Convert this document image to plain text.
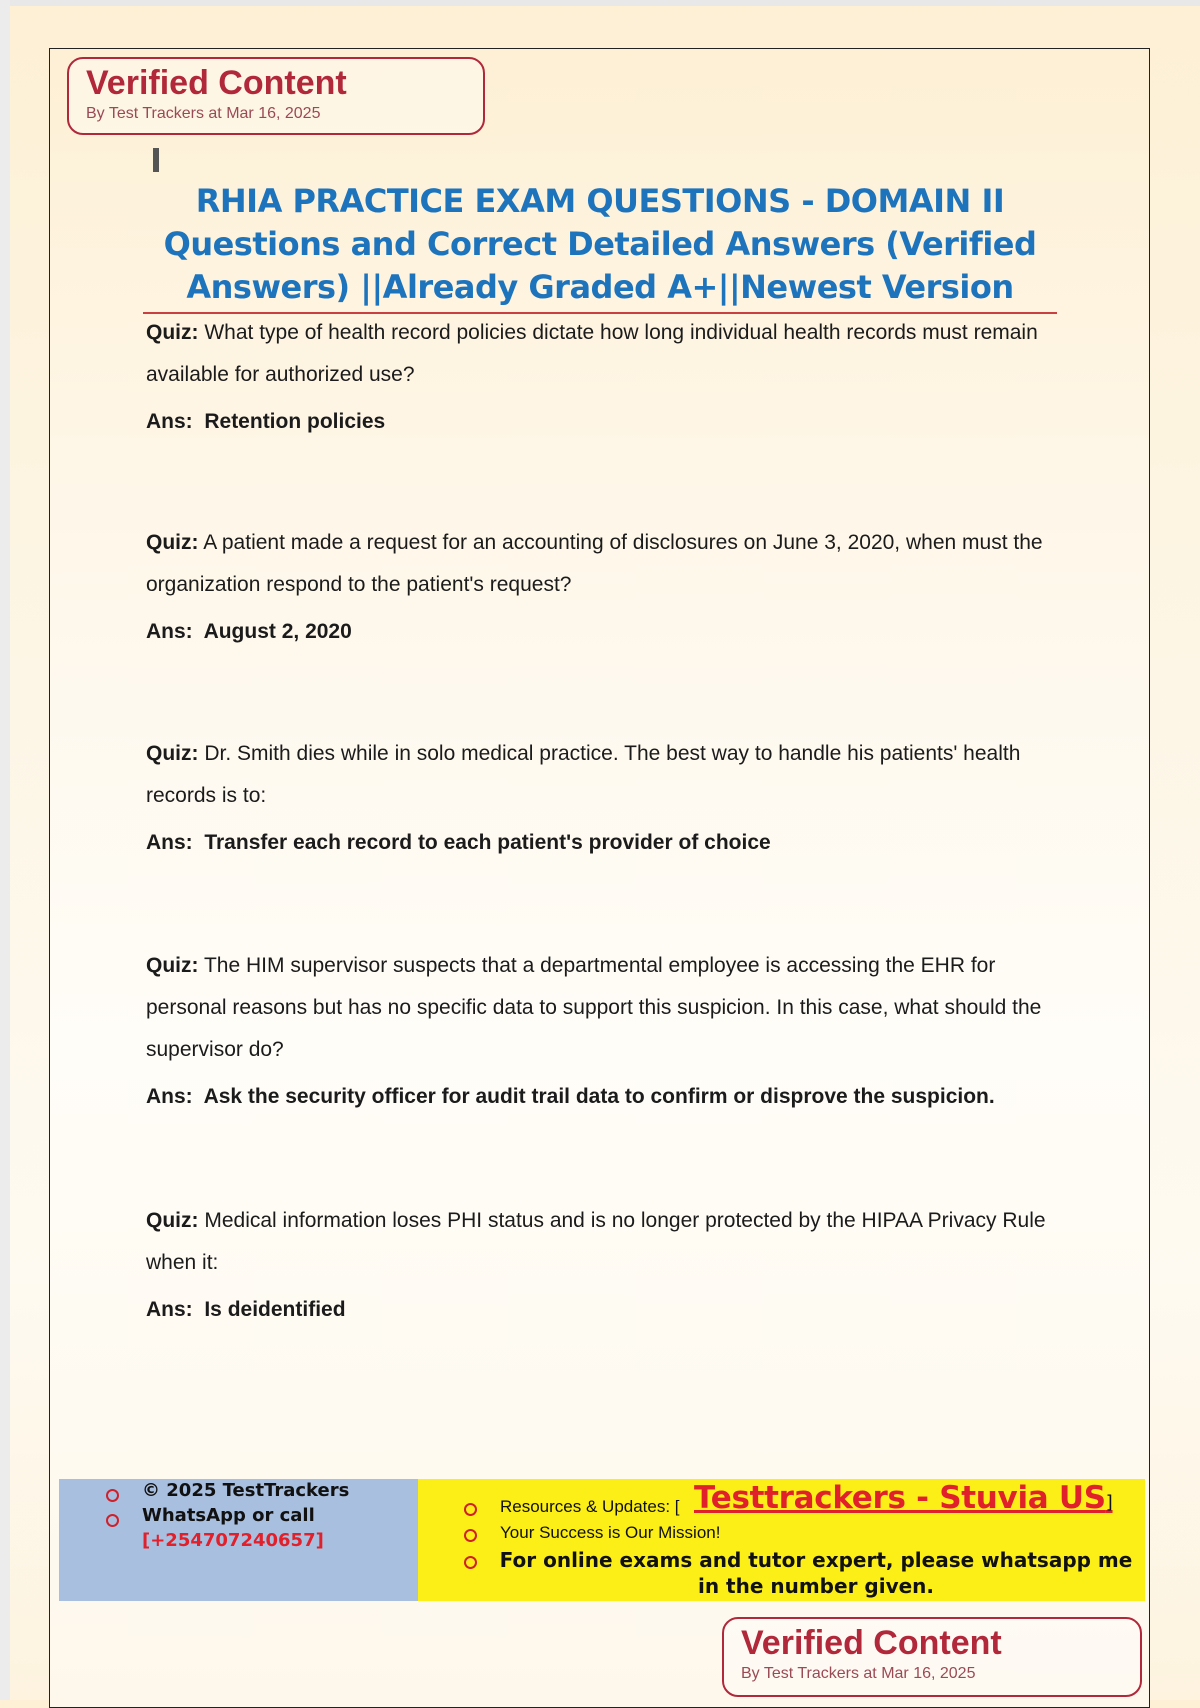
Verified Content
By Test Trackers at Mar 16, 2025
RHIA PRACTICE EXAM QUESTIONS - DOMAIN II
Questions and Correct Detailed Answers (Verified
Answers) ||Already Graded A+||Newest Version
Quiz: What type of health record policies dictate how long individual health records must remain available for authorized use?
Ans: Retention policies
Quiz: A patient made a request for an accounting of disclosures on June 3, 2020, when must the organization respond to the patient's request?
Ans: August 2, 2020
Quiz: Dr. Smith dies while in solo medical practice. The best way to handle his patients' health records is to:
Ans: Transfer each record to each patient's provider of choice
Quiz: The HIM supervisor suspects that a departmental employee is accessing the EHR for personal reasons but has no specific data to support this suspicion. In this case, what should the supervisor do?
Ans: Ask the security officer for audit trail data to confirm or disprove the suspicion.
Quiz: Medical information loses PHI status and is no longer protected by the HIPAA Privacy Rule when it:
Ans: Is deidentified
© 2025 TestTrackers
WhatsApp or call
[+254707240657]
Resources & Updates: [ Testtrackers - Stuvia US]
Your Success is Our Mission!
For online exams and tutor expert, please whatsapp me in the number given.
Verified Content
By Test Trackers at Mar 16, 2025
